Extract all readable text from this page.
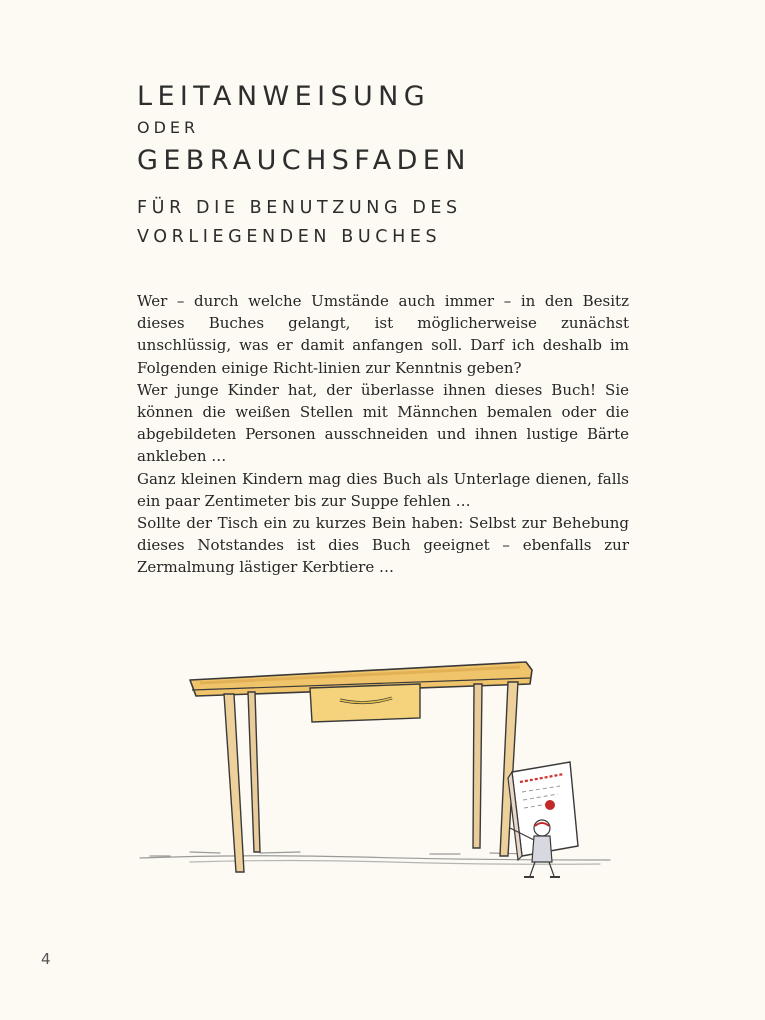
LEITANWEISUNG
ODER
GEBRAUCHSFADEN
FÜR DIE BENUTZUNG DES
VORLIEGENDEN BUCHES

Wer – durch welche Umstände auch immer – in den Besitz dieses Buches gelangt, ist möglicherweise zunächst unschlüssig, was er damit anfangen soll. Darf ich deshalb im Folgenden einige Richt-linien zur Kenntnis geben?

Wer junge Kinder hat, der überlasse ihnen dieses Buch! Sie können die weißen Stellen mit Männchen bemalen oder die abgebildeten Personen ausschneiden und ihnen lustige Bärte ankleben …

Ganz kleinen Kindern mag dies Buch als Unterlage dienen, falls ein paar Zentimeter bis zur Suppe fehlen …

Sollte der Tisch ein zu kurzes Bein haben: Selbst zur Behebung dieses Notstandes ist dies Buch geeignet – ebenfalls zur Zermalmung lästiger Kerbtiere …

4
